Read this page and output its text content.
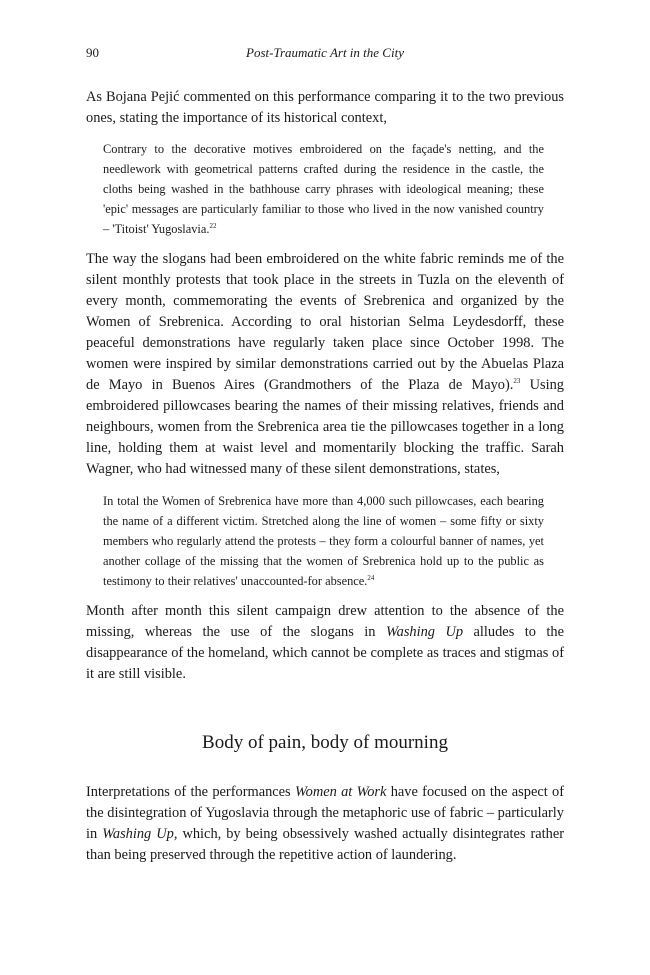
90	Post-Traumatic Art in the City

As Bojana Pejić commented on this performance comparing it to the two previous ones, stating the importance of its historical context,

Contrary to the decorative motives embroidered on the façade's netting, and the needlework with geometrical patterns crafted during the residence in the castle, the cloths being washed in the bathhouse carry phrases with ideological meaning; these 'epic' messages are particularly familiar to those who lived in the now vanished country – 'Titoist' Yugoslavia.$^{22}$

The way the slogans had been embroidered on the white fabric reminds me of the silent monthly protests that took place in the streets in Tuzla on the eleventh of every month, commemorating the events of Srebrenica and organized by the Women of Srebrenica. According to oral historian Selma Leydesdorff, these peaceful demonstrations have regularly taken place since October 1998. The women were inspired by similar demonstrations carried out by the Abuelas Plaza de Mayo in Buenos Aires (Grandmothers of the Plaza de Mayo).$^{23}$ Using embroidered pillowcases bearing the names of their missing relatives, friends and neighbours, women from the Srebrenica area tie the pillowcases together in a long line, holding them at waist level and momentarily blocking the traffic. Sarah Wagner, who had witnessed many of these silent demonstrations, states,

In total the Women of Srebrenica have more than 4,000 such pillowcases, each bearing the name of a different victim. Stretched along the line of women – some fifty or sixty members who regularly attend the protests – they form a colourful banner of names, yet another collage of the missing that the women of Srebrenica hold up to the public as testimony to their relatives' unaccounted-for absence.$^{24}$

Month after month this silent campaign drew attention to the absence of the missing, whereas the use of the slogans in Washing Up alludes to the disappearance of the homeland, which cannot be complete as traces and stigmas of it are still visible.

Body of pain, body of mourning

Interpretations of the performances Women at Work have focused on the aspect of the disintegration of Yugoslavia through the metaphoric use of fabric – particularly in Washing Up, which, by being obsessively washed actually disintegrates rather than being preserved through the repetitive action of laundering.
